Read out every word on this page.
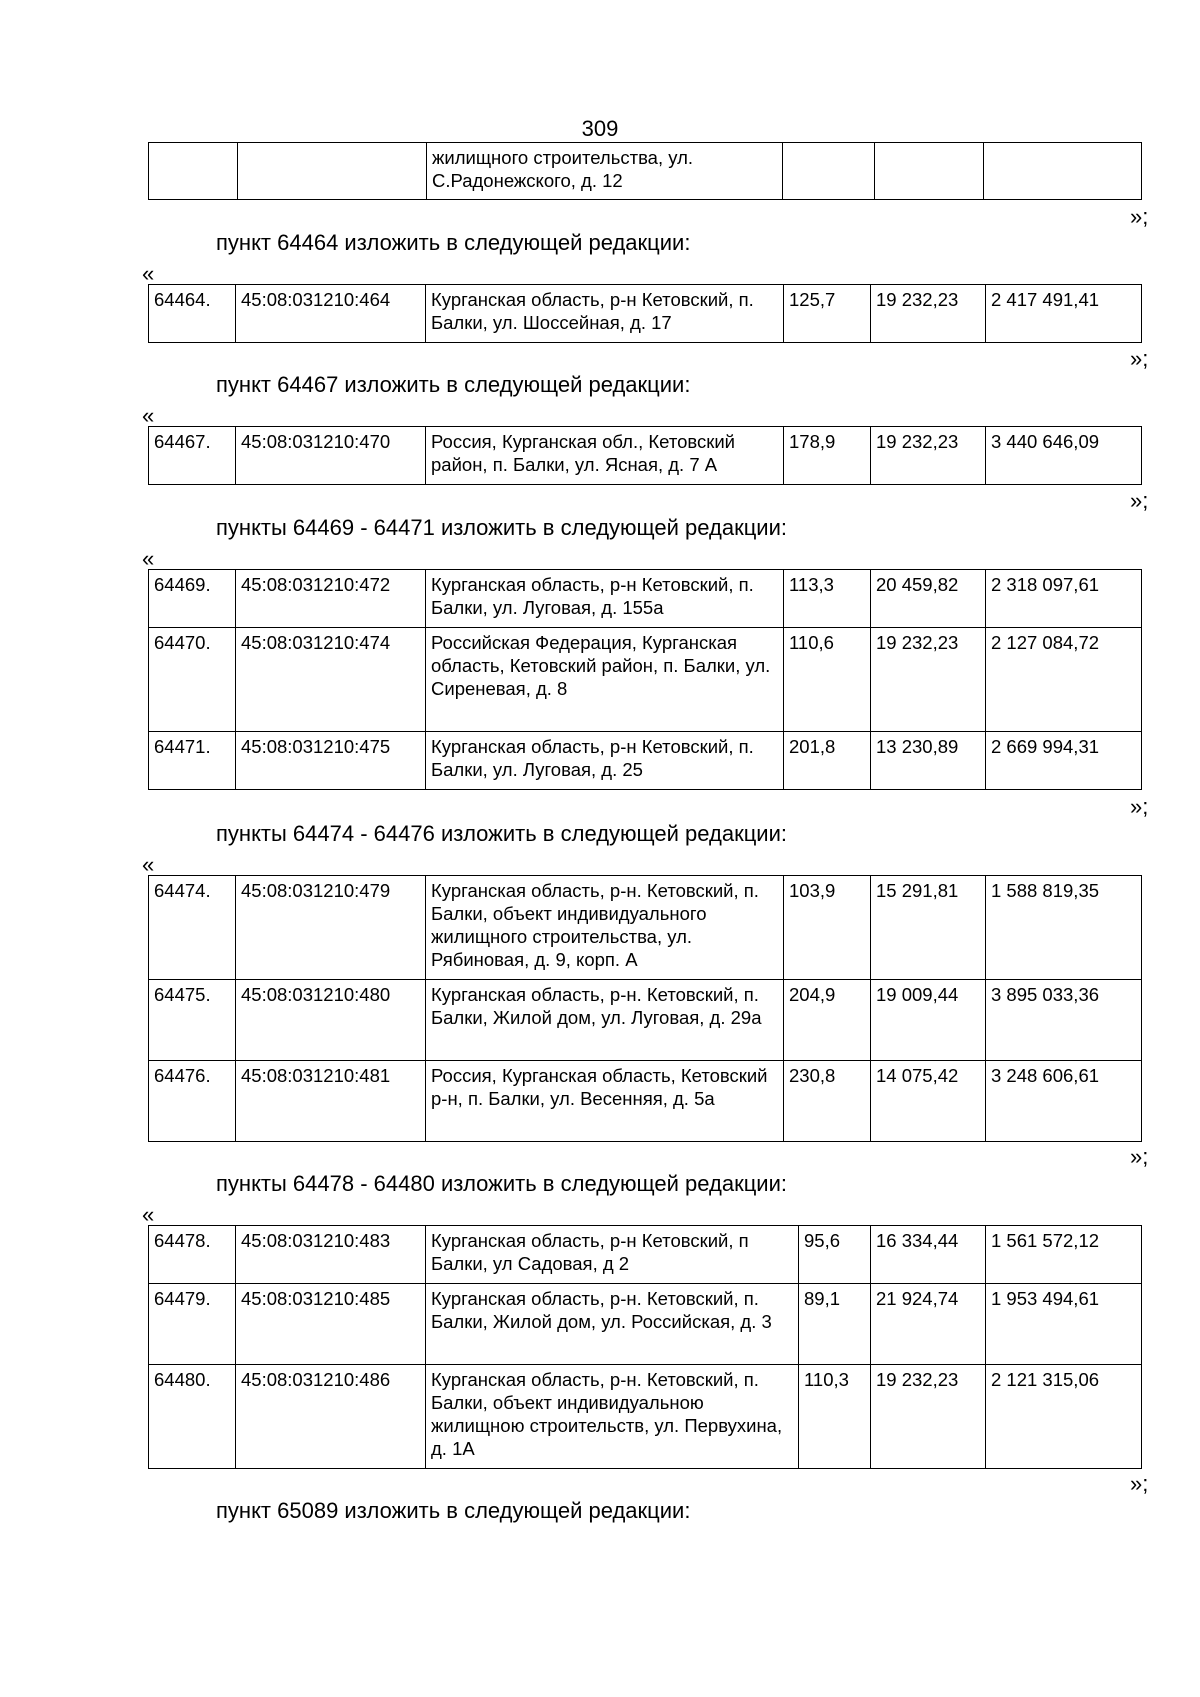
309
		жилищного строительства, ул. С.Радонежского, д. 12			
»;
пункт 64464 изложить в следующей редакции:
«
64464.	45:08:031210:464	Курганская область, р-н Кетовский, п. Балки, ул. Шоссейная, д. 17	125,7	19 232,23	2 417 491,41
»;
пункт 64467 изложить в следующей редакции:
«
64467.	45:08:031210:470	Россия, Курганская обл., Кетовский район, п. Балки, ул. Ясная, д. 7 А	178,9	19 232,23	3 440 646,09
»;
пункты 64469 - 64471 изложить в следующей редакции:
«
64469.	45:08:031210:472	Курганская область, р-н Кетовский, п. Балки, ул. Луговая, д. 155а	113,3	20 459,82	2 318 097,61
64470.	45:08:031210:474	Российская Федерация, Курганская область, Кетовский район, п. Балки, ул. Сиреневая, д. 8	110,6	19 232,23	2 127 084,72
64471.	45:08:031210:475	Курганская область, р-н Кетовский, п. Балки, ул. Луговая, д. 25	201,8	13 230,89	2 669 994,31
»;
пункты 64474 - 64476 изложить в следующей редакции:
«
64474.	45:08:031210:479	Курганская область, р-н. Кетовский, п. Балки, объект индивидуального жилищного строительства, ул. Рябиновая, д. 9, корп. А	103,9	15 291,81	1 588 819,35
64475.	45:08:031210:480	Курганская область, р-н. Кетовский, п. Балки, Жилой дом, ул. Луговая, д. 29а	204,9	19 009,44	3 895 033,36
64476.	45:08:031210:481	Россия, Курганская область, Кетовский р-н, п. Балки, ул. Весенняя, д. 5а	230,8	14 075,42	3 248 606,61
»;
пункты 64478 - 64480 изложить в следующей редакции:
«
64478.	45:08:031210:483	Курганская область, р-н Кетовский, п Балки, ул Садовая, д 2	95,6	16 334,44	1 561 572,12
64479.	45:08:031210:485	Курганская область, р-н. Кетовский, п. Балки, Жилой дом, ул. Российская, д. 3	89,1	21 924,74	1 953 494,61
64480.	45:08:031210:486	Курганская область, р-н. Кетовский, п. Балки, объект индивидуальною жилищною строительств, ул. Первухина, д. 1А	110,3	19 232,23	2 121 315,06
»;
пункт 65089 изложить в следующей редакции:
